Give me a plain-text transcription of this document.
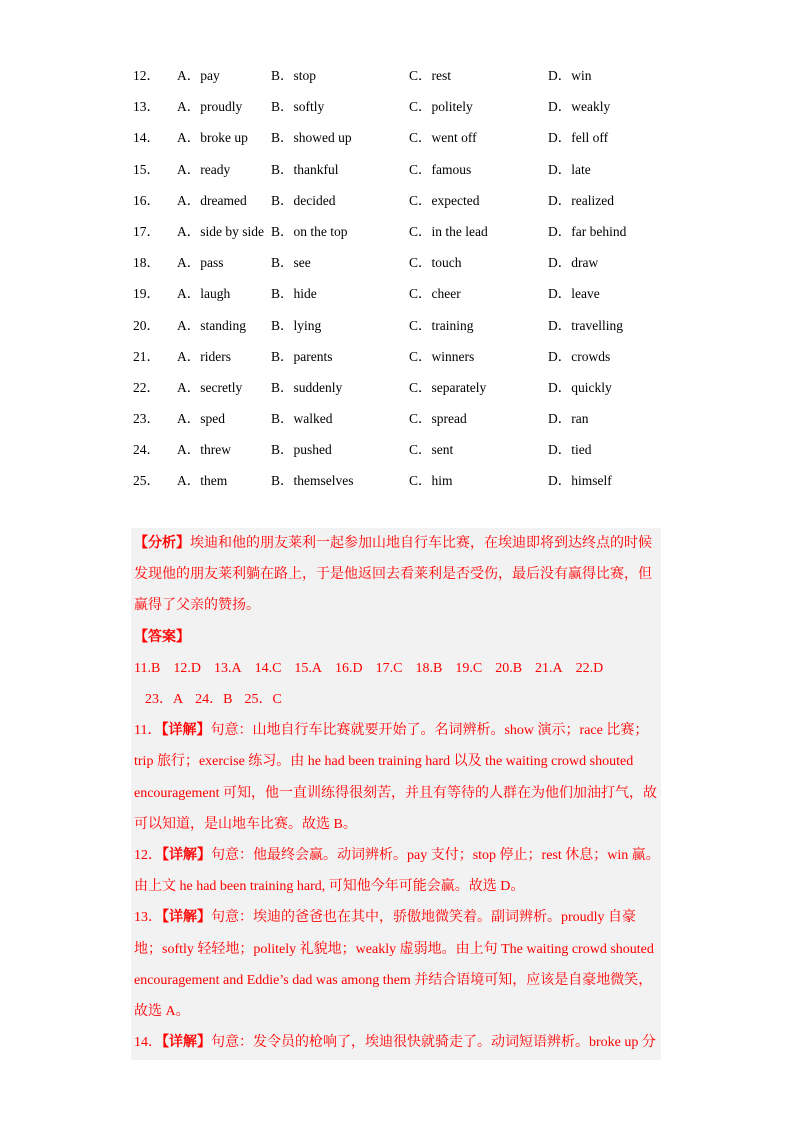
12． A．pay	B．stop	C．rest	D．win
13． A．proudly B．softly	C．politely	D．weakly
14． A．broke up B．showed up	C．went off	D．fell off
15． A．ready	B．thankful	C．famous	D．late
16． A．dreamed B．decided	C．expected	D．realized
17． A．side by side B．on the top	C．in the lead	D．far behind
18． A．pass	B．see	C．touch	D．draw
19． A．laugh	B．hide	C．cheer	D．leave
20． A．standing B．lying	C．training	D．travelling
21． A．riders	B．parents	C．winners	D．crowds
22． A．secretly B．suddenly	C．separately	D．quickly
23． A．sped	B．walked	C．spread	D．ran
24． A．threw	B．pushed	C．sent	D．tied
25． A．them	B．themselves	C．him	D．himself

【分析】埃迪和他的朋友莱利一起参加山地自行车比赛，在埃迪即将到达终点的时候发现他的朋友莱利躺在路上，于是他返回去看莱利是否受伤，最后没有赢得比赛，但赢得了父亲的赞扬。

【答案】

11.B 12.D 13.A 14.C 15.A 16.D 17.C 18.B 19.C 20.B 21.A 22.D
23．A 24．B 25．C

11．【详解】句意：山地自行车比赛就要开始了。名词辨析。show 演示；race 比赛；trip 旅行；exercise 练习。由 he had been training hard 以及 the waiting crowd shouted encouragement 可知，他一直训练得很刻苦，并且有等待的人群在为他们加油打气，故可以知道，是山地车比赛。故选 B。

12．【详解】句意：他最终会赢。动词辨析。pay 支付；stop 停止；rest 休息；win 赢。由上文 he had been training hard, 可知他今年可能会赢。故选 D。

13．【详解】句意：埃迪的爸爸也在其中，骄傲地微笑着。副词辨析。proudly 自豪地；softly 轻轻地；politely 礼貌地；weakly 虚弱地。由上句 The waiting crowd shouted encouragement and Eddie’s dad was among them 并结合语境可知，应该是自豪地微笑，故选 A。

14．【详解】句意：发令员的枪响了，埃迪很快就骑走了。动词短语辨析。broke up 分
